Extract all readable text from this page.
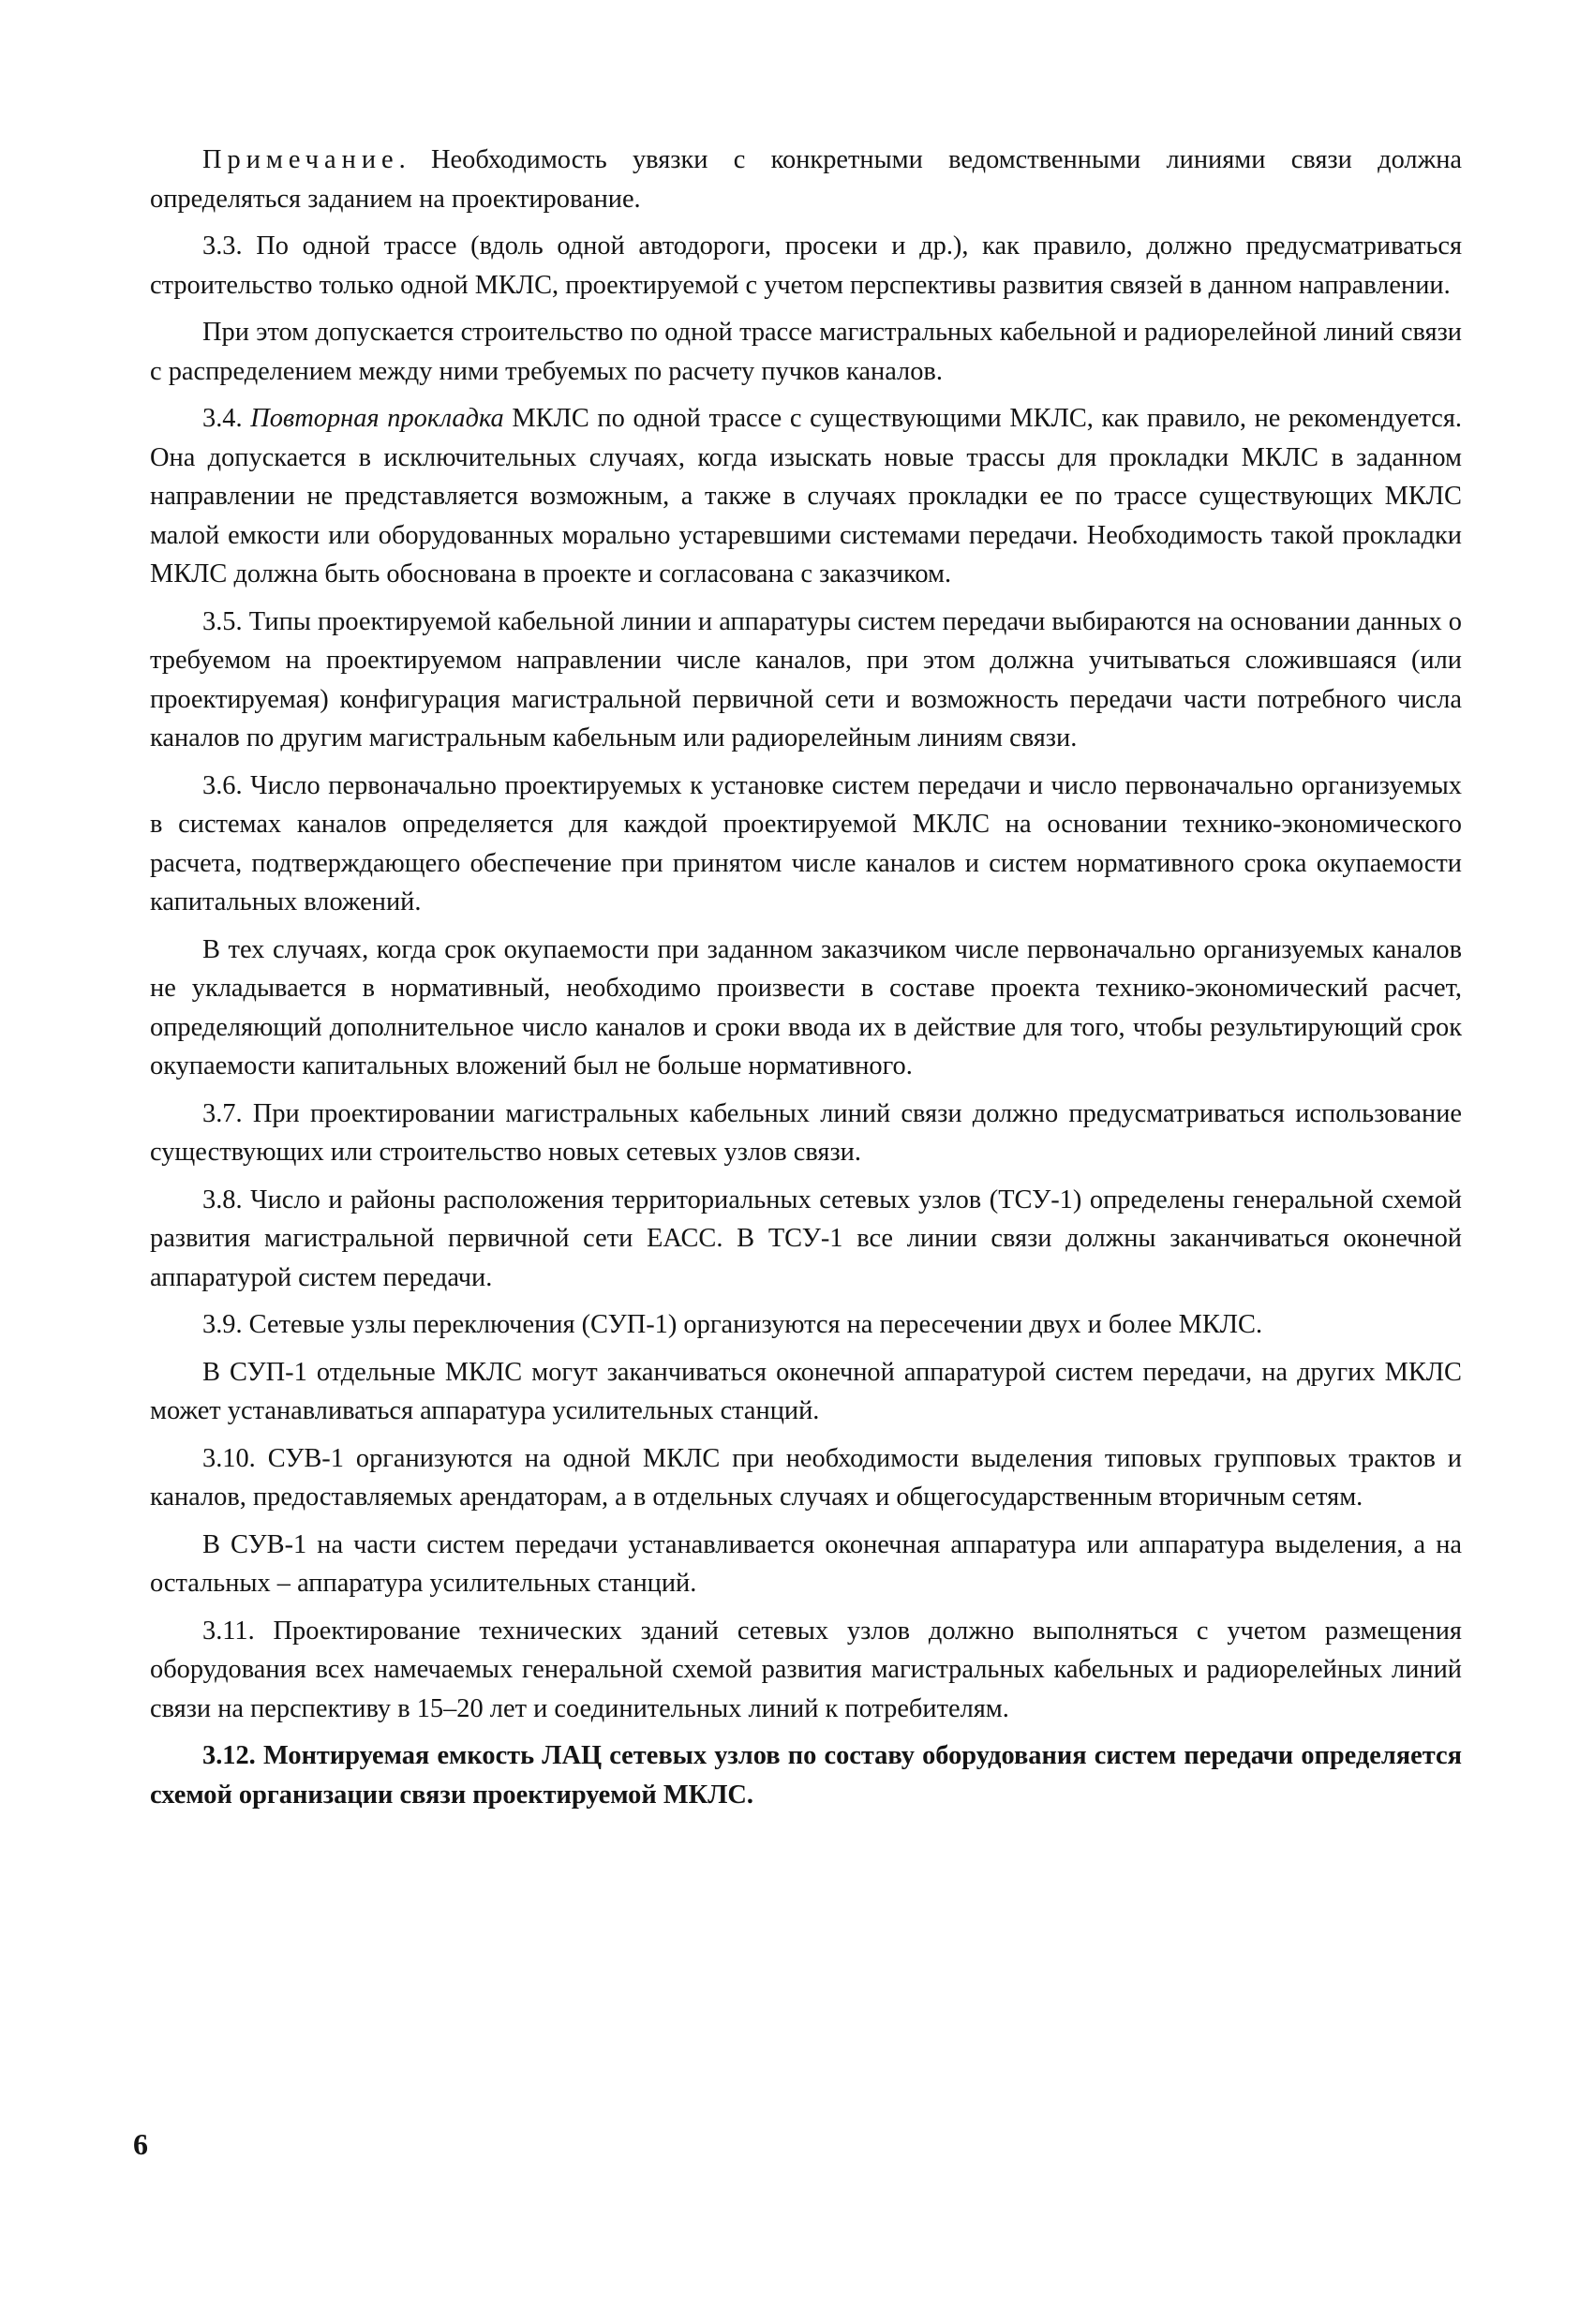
Примечание. Необходимость увязки с конкретными ведомственными линиями связи должна определяться заданием на проектирование.

3.3. По одной трассе (вдоль одной автодороги, просеки и др.), как правило, должно предусматриваться строительство только одной МКЛС, проектируемой с учетом перспективы развития связей в данном направлении.

При этом допускается строительство по одной трассе магистральных кабельной и радиорелейной линий связи с распределением между ними требуемых по расчету пучков каналов.

3.4. Повторная прокладка МКЛС по одной трассе с существующими МКЛС, как правило, не рекомендуется. Она допускается в исключительных случаях, когда изыскать новые трассы для прокладки МКЛС в заданном направлении не представляется возможным, а также в случаях прокладки ее по трассе существующих МКЛС малой емкости или оборудованных морально устаревшими системами передачи. Необходимость такой прокладки МКЛС должна быть обоснована в проекте и согласована с заказчиком.

3.5. Типы проектируемой кабельной линии и аппаратуры систем передачи выбираются на основании данных о требуемом на проектируемом направлении числе каналов, при этом должна учитываться сложившаяся (или проектируемая) конфигурация магистральной первичной сети и возможность передачи части потребного числа каналов по другим магистральным кабельным или радиорелейным линиям связи.

3.6. Число первоначально проектируемых к установке систем передачи и число первоначально организуемых в системах каналов определяется для каждой проектируемой МКЛС на основании технико-экономического расчета, подтверждающего обеспечение при принятом числе каналов и систем нормативного срока окупаемости капитальных вложений.

В тех случаях, когда срок окупаемости при заданном заказчиком числе первоначально организуемых каналов не укладывается в нормативный, необходимо произвести в составе проекта технико-экономический расчет, определяющий дополнительное число каналов и сроки ввода их в действие для того, чтобы результирующий срок окупаемости капитальных вложений был не больше нормативного.

3.7. При проектировании магистральных кабельных линий связи должно предусматриваться использование существующих или строительство новых сетевых узлов связи.

3.8. Число и районы расположения территориальных сетевых узлов (ТСУ-1) определены генеральной схемой развития магистральной первичной сети ЕАСС. В ТСУ-1 все линии связи должны заканчиваться оконечной аппаратурой систем передачи.

3.9. Сетевые узлы переключения (СУП-1) организуются на пересечении двух и более МКЛС.

В СУП-1 отдельные МКЛС могут заканчиваться оконечной аппаратурой систем передачи, на других МКЛС может устанавливаться аппаратура усилительных станций.

3.10. СУВ-1 организуются на одной МКЛС при необходимости выделения типовых групповых трактов и каналов, предоставляемых арендаторам, а в отдельных случаях и общегосударственным вторичным сетям.

В СУВ-1 на части систем передачи устанавливается оконечная аппаратура или аппаратура выделения, а на остальных – аппаратура усилительных станций.

3.11. Проектирование технических зданий сетевых узлов должно выполняться с учетом размещения оборудования всех намечаемых генеральной схемой развития магистральных кабельных и радиорелейных линий связи на перспективу в 15–20 лет и соединительных линий к потребителям.

3.12. Монтируемая емкость ЛАЦ сетевых узлов по составу оборудования систем передачи определяется схемой организации связи проектируемой МКЛС.

6
